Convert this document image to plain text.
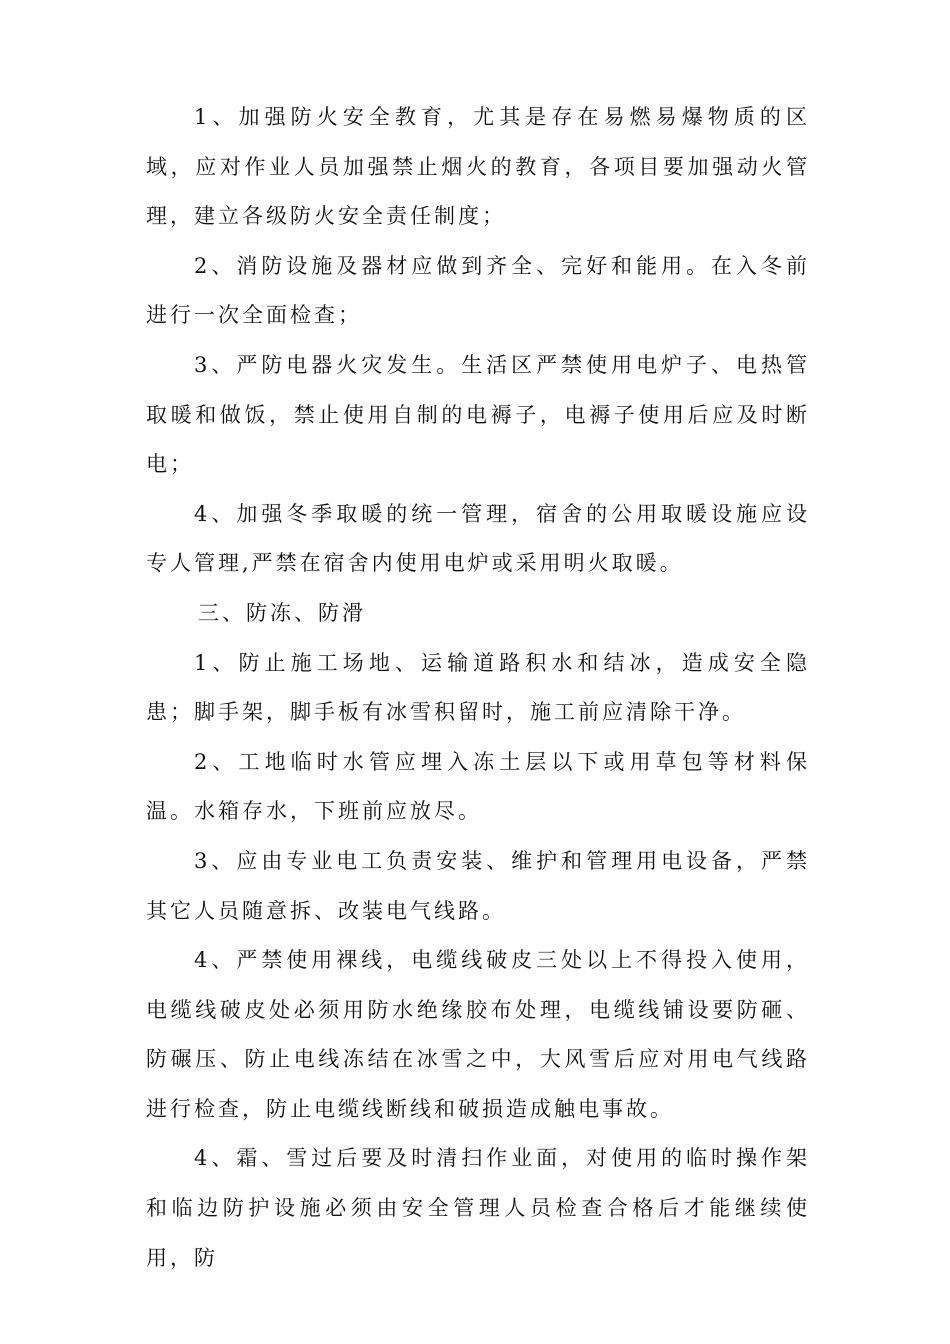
1、加强防火安全教育，尤其是存在易燃易爆物质的区域，应对作业人员加强禁止烟火的教育，各项目要加强动火管理，建立各级防火安全责任制度；

2、消防设施及器材应做到齐全、完好和能用。在入冬前进行一次全面检查；

3、严防电器火灾发生。生活区严禁使用电炉子、电热管取暖和做饭，禁止使用自制的电褥子，电褥子使用后应及时断电；

4、加强冬季取暖的统一管理，宿舍的公用取暖设施应设专人管理,严禁在宿舍内使用电炉或采用明火取暖。

三、防冻、防滑

1、防止施工场地、运输道路积水和结冰，造成安全隐患；脚手架，脚手板有冰雪积留时，施工前应清除干净。

2、工地临时水管应埋入冻土层以下或用草包等材料保温。水箱存水，下班前应放尽。

3、应由专业电工负责安装、维护和管理用电设备，严禁其它人员随意拆、改装电气线路。

4、严禁使用裸线，电缆线破皮三处以上不得投入使用，电缆线破皮处必须用防水绝缘胶布处理，电缆线铺设要防砸、防碾压、防止电线冻结在冰雪之中，大风雪后应对用电气线路进行检查，防止电缆线断线和破损造成触电事故。

4、霜、雪过后要及时清扫作业面，对使用的临时操作架和临边防护设施必须由安全管理人员检查合格后才能继续使用，防
